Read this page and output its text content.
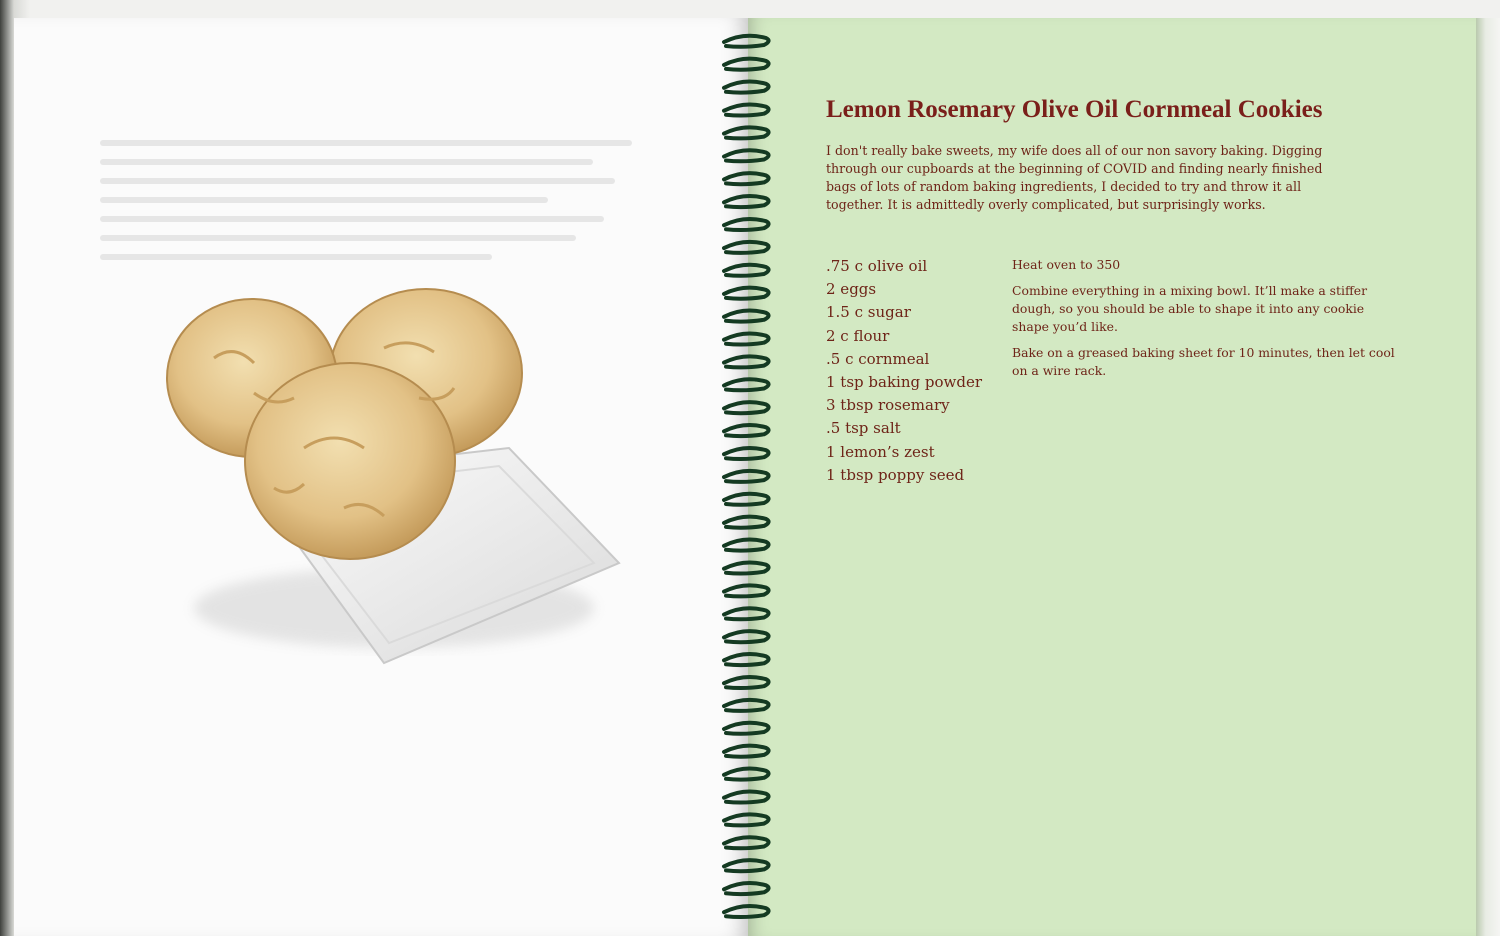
Lemon Rosemary Olive Oil Cornmeal Cookies

I don't really bake sweets, my wife does all of our non savory baking. Digging through our cupboards at the beginning of COVID and finding nearly finished bags of lots of random baking ingredients, I decided to try and throw it all together. It is admittedly overly complicated, but surprisingly works.

.75 c olive oil
2 eggs
1.5 c sugar
2 c flour
.5 c cornmeal
1 tsp baking powder
3 tbsp rosemary
.5 tsp salt
1 lemon’s zest
1 tbsp poppy seed

Heat oven to 350

Combine everything in a mixing bowl. It’ll make a stiffer dough, so you should be able to shape it into any cookie shape you’d like.

Bake on a greased baking sheet for 10 minutes, then let cool on a wire rack.
